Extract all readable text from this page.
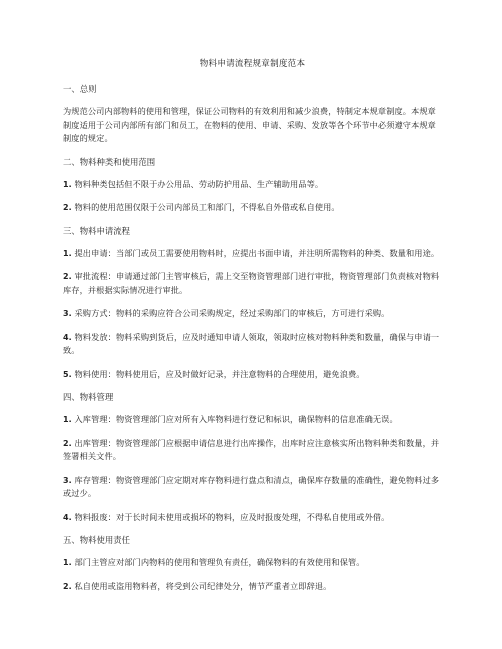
物料申请流程规章制度范本
一、总则

为规范公司内部物料的使用和管理，保证公司物料的有效利用和减少浪费，特制定本规章制度。本规章制度适用于公司内部所有部门和员工，在物料的使用、申请、采购、发放等各个环节中必须遵守本规章制度的规定。

二、物料种类和使用范围

1. 物料种类包括但不限于办公用品、劳动防护用品、生产辅助用品等。

2. 物料的使用范围仅限于公司内部员工和部门，不得私自外借或私自使用。

三、物料申请流程

1. 提出申请：当部门或员工需要使用物料时，应提出书面申请，并注明所需物料的种类、数量和用途。

2. 审批流程：申请通过部门主管审核后，需上交至物资管理部门进行审批，物资管理部门负责核对物料库存，并根据实际情况进行审批。

3. 采购方式：物料的采购应符合公司采购规定，经过采购部门的审核后，方可进行采购。

4. 物料发放：物料采购到货后，应及时通知申请人领取，领取时应核对物料种类和数量，确保与申请一致。

5. 物料使用：物料使用后，应及时做好记录，并注意物料的合理使用，避免浪费。

四、物料管理

1. 入库管理：物资管理部门应对所有入库物料进行登记和标识，确保物料的信息准确无误。

2. 出库管理：物资管理部门应根据申请信息进行出库操作，出库时应注意核实所出物料种类和数量，并签署相关文件。

3. 库存管理：物资管理部门应定期对库存物料进行盘点和清点，确保库存数量的准确性，避免物料过多或过少。

4. 物料报废：对于长时间未使用或损坏的物料，应及时报废处理，不得私自使用或外借。

五、物料使用责任

1. 部门主管应对部门内物料的使用和管理负有责任，确保物料的有效使用和保管。

2. 私自使用或盗用物料者，将受到公司纪律处分，情节严重者立即辞退。
